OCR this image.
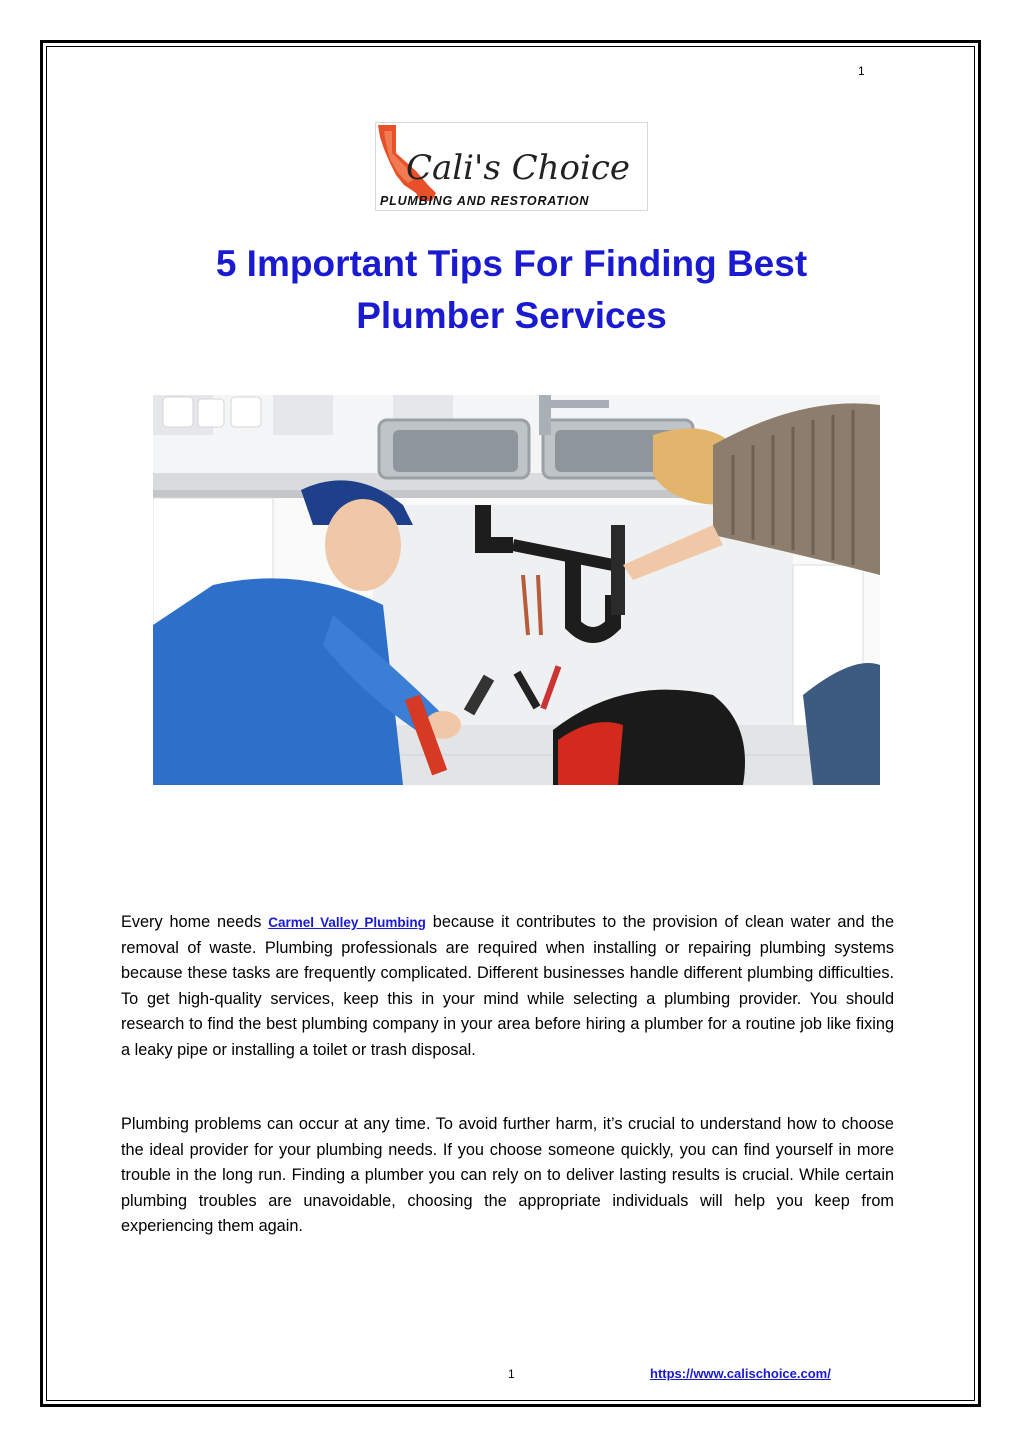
1
Cali's Choice
PLUMBING AND RESTORATION
5 Important Tips For Finding Best Plumber Services

Every home needs Carmel Valley Plumbing because it contributes to the provision of clean water and the removal of waste. Plumbing professionals are required when installing or repairing plumbing systems because these tasks are frequently complicated. Different businesses handle different plumbing difficulties. To get high-quality services, keep this in your mind while selecting a plumbing provider. You should research to find the best plumbing company in your area before hiring a plumber for a routine job like fixing a leaky pipe or installing a toilet or trash disposal.

Plumbing problems can occur at any time. To avoid further harm, it’s crucial to understand how to choose the ideal provider for your plumbing needs. If you choose someone quickly, you can find yourself in more trouble in the long run. Finding a plumber you can rely on to deliver lasting results is crucial. While certain plumbing troubles are unavoidable, choosing the appropriate individuals will help you keep from experiencing them again.

1	https://www.calischoice.com/
